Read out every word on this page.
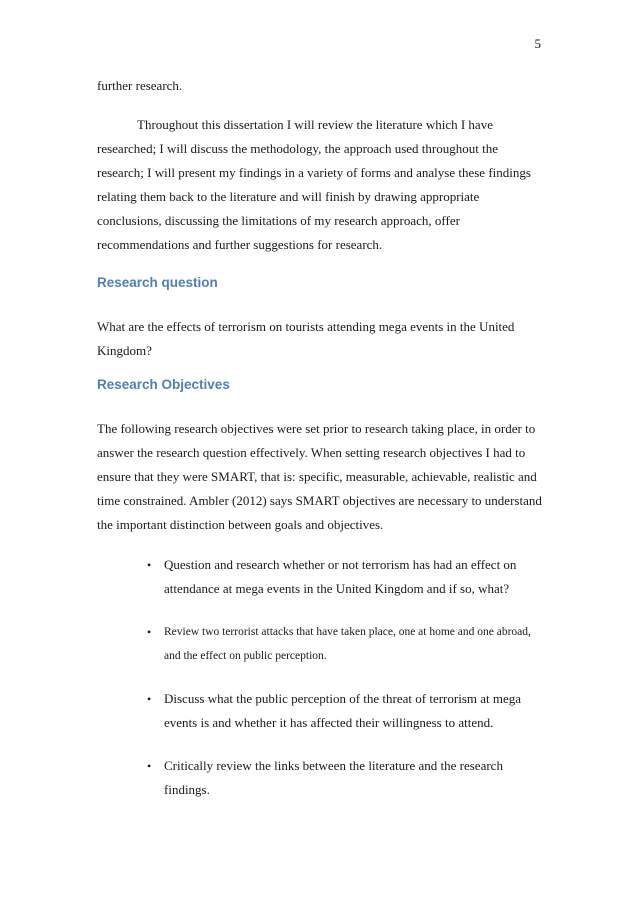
5

further research.

Throughout this dissertation I will review the literature which I have researched; I will discuss the methodology, the approach used throughout the research; I will present my findings in a variety of forms and analyse these findings relating them back to the literature and will finish by drawing appropriate conclusions, discussing the limitations of my research approach, offer recommendations and further suggestions for research.

Research question

What are the effects of terrorism on tourists attending mega events in the United Kingdom?

Research Objectives

The following research objectives were set prior to research taking place, in order to answer the research question effectively. When setting research objectives I had to ensure that they were SMART, that is: specific, measurable, achievable, realistic and time constrained. Ambler (2012) says SMART objectives are necessary to understand the important distinction between goals and objectives.

• Question and research whether or not terrorism has had an effect on attendance at mega events in the United Kingdom and if so, what?
• Review two terrorist attacks that have taken place, one at home and one abroad, and the effect on public perception.
• Discuss what the public perception of the threat of terrorism at mega events is and whether it has affected their willingness to attend.
• Critically review the links between the literature and the research findings.
